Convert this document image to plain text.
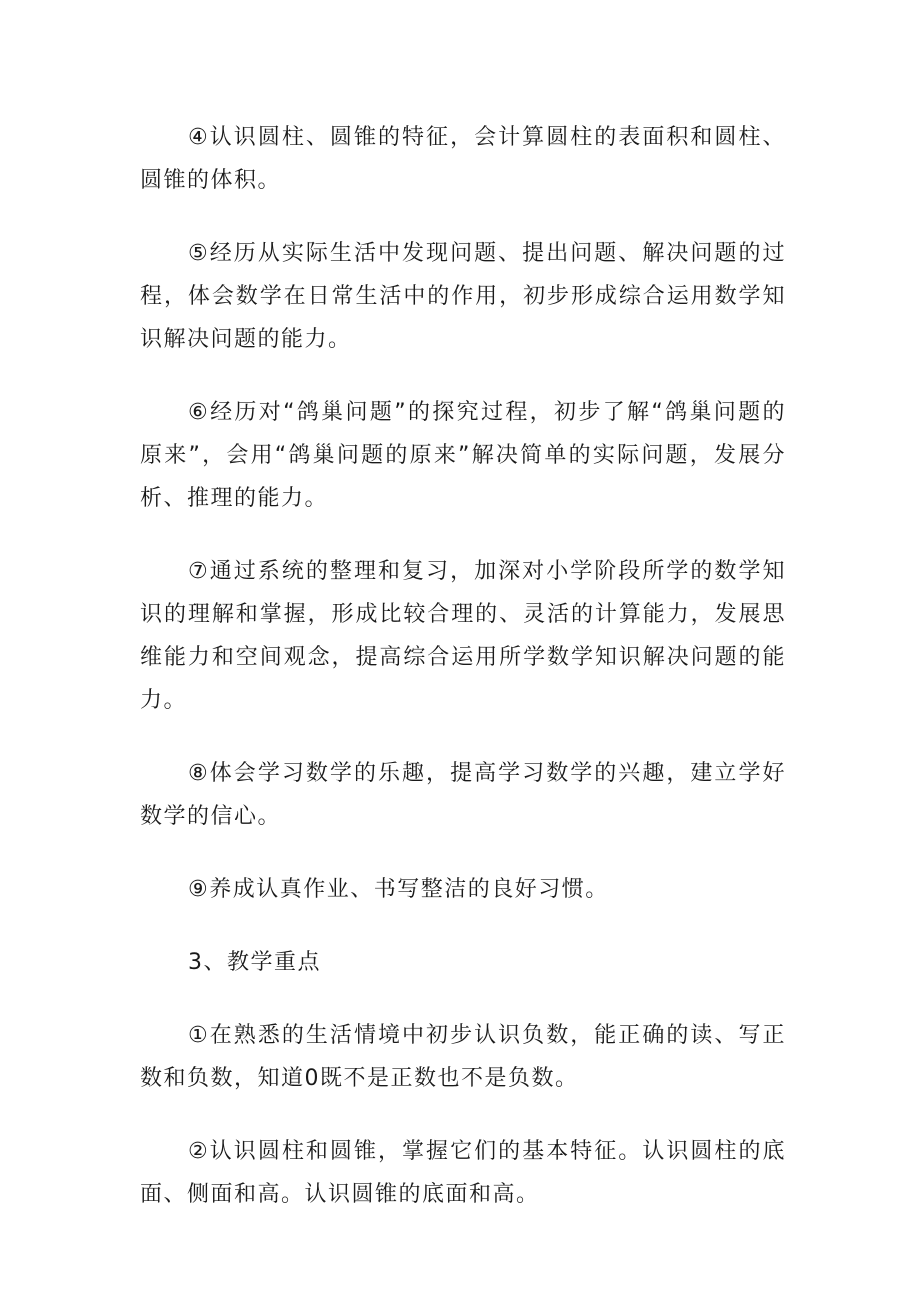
④认识圆柱、圆锥的特征，会计算圆柱的表面积和圆柱、圆锥的体积。

⑤经历从实际生活中发现问题、提出问题、解决问题的过程，体会数学在日常生活中的作用，初步形成综合运用数学知识解决问题的能力。

⑥经历对“鸽巢问题”的探究过程，初步了解“鸽巢问题的原来”，会用“鸽巢问题的原来”解决简单的实际问题，发展分析、推理的能力。

⑦通过系统的整理和复习，加深对小学阶段所学的数学知识的理解和掌握，形成比较合理的、灵活的计算能力，发展思维能力和空间观念，提高综合运用所学数学知识解决问题的能力。

⑧体会学习数学的乐趣，提高学习数学的兴趣，建立学好数学的信心。

⑨养成认真作业、书写整洁的良好习惯。

3、教学重点

①在熟悉的生活情境中初步认识负数，能正确的读、写正数和负数，知道0既不是正数也不是负数。

②认识圆柱和圆锥，掌握它们的基本特征。认识圆柱的底面、侧面和高。认识圆锥的底面和高。
